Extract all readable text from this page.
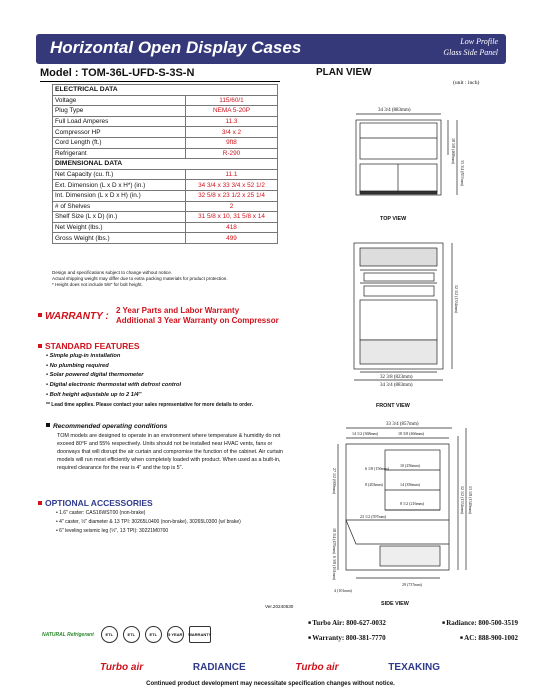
Horizontal Open Display Cases	Low Profile
Glass Side Panel
Model : TOM-36L-UFD-S-3S-N
ELECTRICAL DATA	
Voltage	115/60/1
Plug Type	NEMA 5-20P
Full Load Amperes	11.3
Compressor HP	3/4 x 2
Cord Length (ft.)	9ft8
Refrigerant	R-290
DIMENSIONAL DATA	
Net Capacity (cu. ft.)	11.1
Ext. Dimension (L x D x H*) (in.)	34 3/4 x 33 3/4 x 52 1/2
Int. Dimension (L x D x H) (in.)	32 5/8 x 23 1/2 x 25 1/4
# of Shelves	2
Shelf Size (L x D) (in.)	31 5/8 x 10, 31 5/8 x 14
Net Weight (lbs.)	418
Gross Weight (lbs.)	499
Design and specifications subject to change without notice.
Actual shipping weight may differ due to extra packing materials for product protection.
* Height does not include 5/8" for bolt height.
WARRANTY :
2 Year Parts and Labor Warranty
Additional 3 Year Warranty on Compressor
STANDARD FEATURES
• Simple plug-in installation
• No plumbing required
• Solar powered digital thermometer
• Digital electronic thermostat with defrost control
• Bolt height adjustable up to 2 1/4"
** Lead time applies. Please contact your sales representative for more details to order.
Recommended operating conditions
TOM models are designed to operate in an environment where temperature & humidity do not exceed 80°F and 55% respectively. Units should not be installed near HVAC vents, fans or doorways that will disrupt the air curtain and compromise the function of the cabinet. Air curtain models will run most efficiently when completely loaded with product. When used as a built-in, required clearance for the rear is 4" and the top is 5".
OPTIONAL ACCESSORIES
• 1.6" caster: CAS16WST00 (non-brake)
• 4" caster, ½" diameter & 13 TPI: 30265L0400 (non-brake), 30265L0300 (w/ brake)
• 6" leveling seismic leg (½", 13 TPI): 30221M0700
Ver.20240530
PLAN VIEW
(unit : inch)
34 3/4 (883mm)
18 5/8 (468mm)
33 3/4 (857mm)
TOP VIEW
52 1/2 (1334mm)
32 3/8 (823mm)
34 3/4 (883mm)
FRONT VIEW
33 3/4 (857mm)
14 1/2 (368mm)	18 3/8 (466mm)
27 1/2 (699mm)
18 3/4 (476mm)
6 3/8 (161mm)
52 1/2 (1334mm) 53 1/8 (1349mm)
10 (256mm)
14 (356mm)
8 (203mm)
6 1/8 (156mm)
8 1/2 (216mm)
23 1/2 (597mm)
29 (737mm)
4 (101mm)
SIDE VIEW
NATURAL Refrigerant	ETL	ETL	ETL	5 YEAR	WARRANTY
■ Turbo Air: 800-627-0032	■ Radiance: 800-500-3519
■ Warranty: 800-381-7770	■ AC: 888-900-1002
Turbo air	RADIANCE	Turbo air	TEXAKING
Continued product development may necessitate specification changes without notice.
